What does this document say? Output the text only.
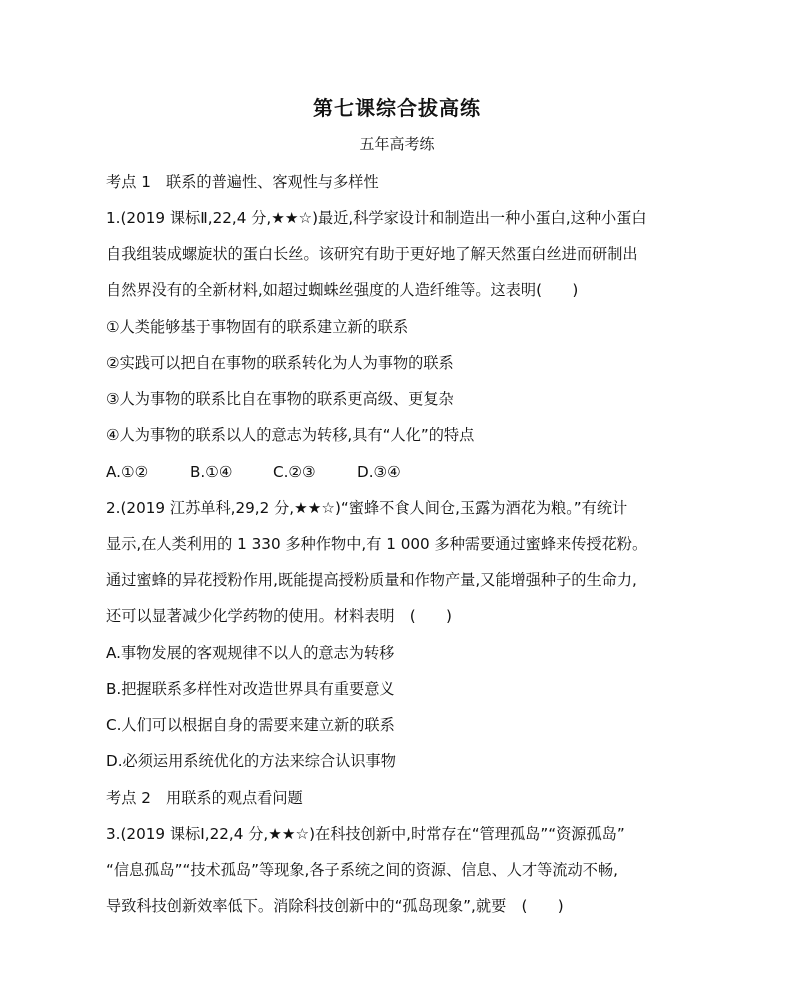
第七课综合拔高练
五年高考练
考点 1　联系的普遍性、客观性与多样性
1.(2019 课标Ⅱ,22,4 分,★★☆)最近,科学家设计和制造出一种小蛋白,这种小蛋白
自我组装成螺旋状的蛋白长丝。该研究有助于更好地了解天然蛋白丝进而研制出
自然界没有的全新材料,如超过蜘蛛丝强度的人造纤维等。这表明(　　)
①人类能够基于事物固有的联系建立新的联系
②实践可以把自在事物的联系转化为人为事物的联系
③人为事物的联系比自在事物的联系更高级、更复杂
④人为事物的联系以人的意志为转移,具有“人化”的特点
A.①②	B.①④	C.②③	D.③④
2.(2019 江苏单科,29,2 分,★★☆)“蜜蜂不食人间仓,玉露为酒花为粮。”有统计
显示,在人类利用的 1 330 多种作物中,有 1 000 多种需要通过蜜蜂来传授花粉。
通过蜜蜂的异花授粉作用,既能提高授粉质量和作物产量,又能增强种子的生命力,
还可以显著减少化学药物的使用。材料表明　(　　)
A.事物发展的客观规律不以人的意志为转移
B.把握联系多样性对改造世界具有重要意义
C.人们可以根据自身的需要来建立新的联系
D.必须运用系统优化的方法来综合认识事物
考点 2　用联系的观点看问题
3.(2019 课标Ⅰ,22,4 分,★★☆)在科技创新中,时常存在“管理孤岛”“资源孤岛”
“信息孤岛”“技术孤岛”等现象,各子系统之间的资源、信息、人才等流动不畅,
导致科技创新效率低下。消除科技创新中的“孤岛现象”,就要　(　　)
